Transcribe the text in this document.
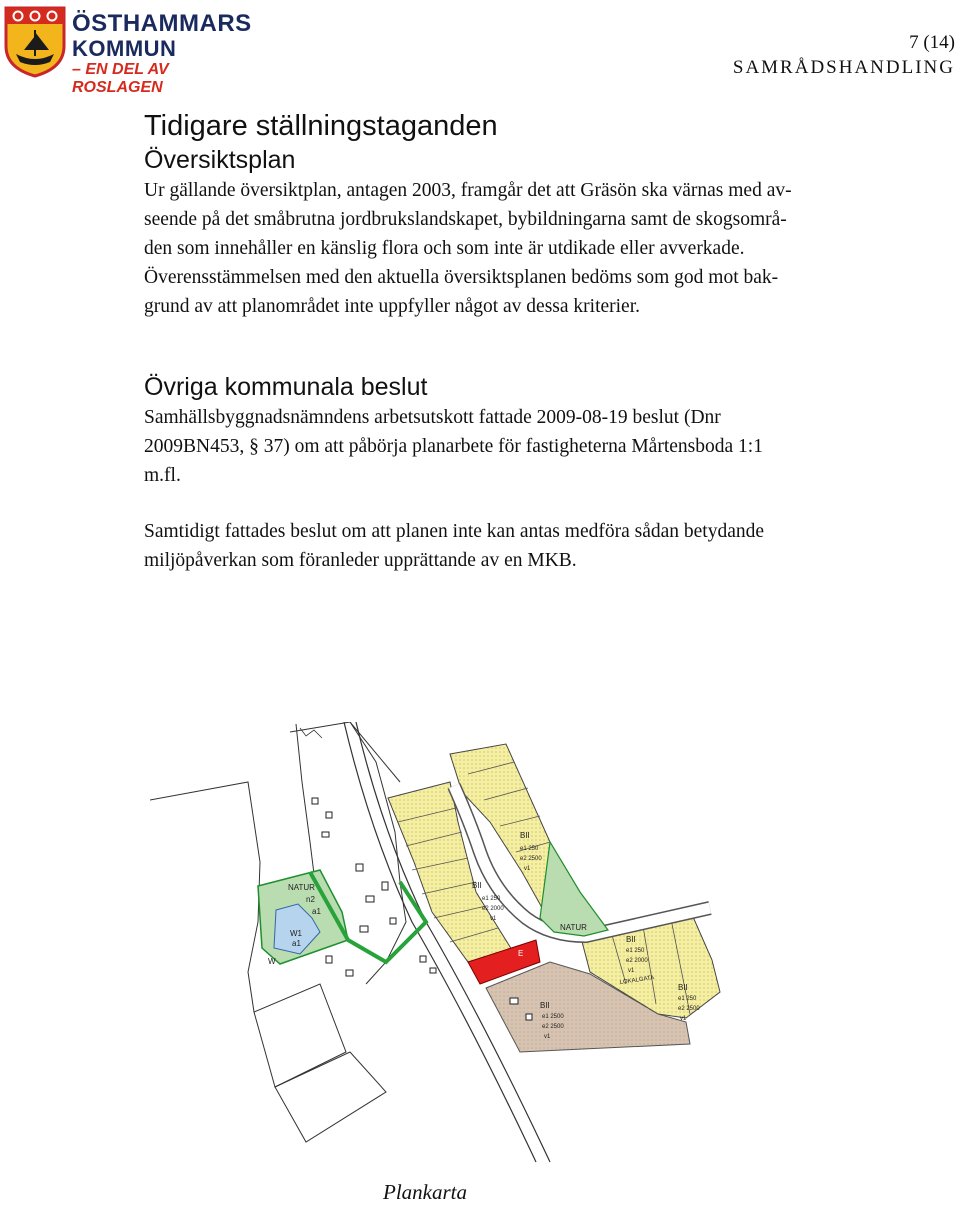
ÖSTHAMMARS
KOMMUN
– EN DEL AV ROSLAGEN
7 (14)
SAMRÅDSHANDLING
Tidigare ställningstaganden
Översiktsplan

Ur gällande översiktplan, antagen 2003, framgår det att Gräsön ska värnas med av-
seende på det småbrutna jordbrukslandskapet, bybildningarna samt de skogsområ-
den som innehåller en känslig flora och som inte är utdikade eller avverkade.
Överensstämmelsen med den aktuella översiktsplanen bedöms som god mot bak-
grund av att planområdet inte uppfyller något av dessa kriterier.

Övriga kommunala beslut

Samhällsbyggnadsnämndens arbetsutskott fattade 2009-08-19 beslut (Dnr
2009BN453, § 37) om att påbörja planarbete för fastigheterna Mårtensboda 1:1
m.fl.

Samtidigt fattades beslut om att planen inte kan antas medföra sådan betydande
miljöpåverkan som föranleder upprättande av en MKB.

NATUR
n2
a1
W1
a1
W
BII
e1 250
e2 2000
v1
BII
e1 250
e2 2500
v1
NATUR
BII
e1 250
e2 2000
v1
BII
e1 250
e2 2500
v1
E
LOKALGATA
BII
e1 2500
e2 2500
v1
Plankarta
